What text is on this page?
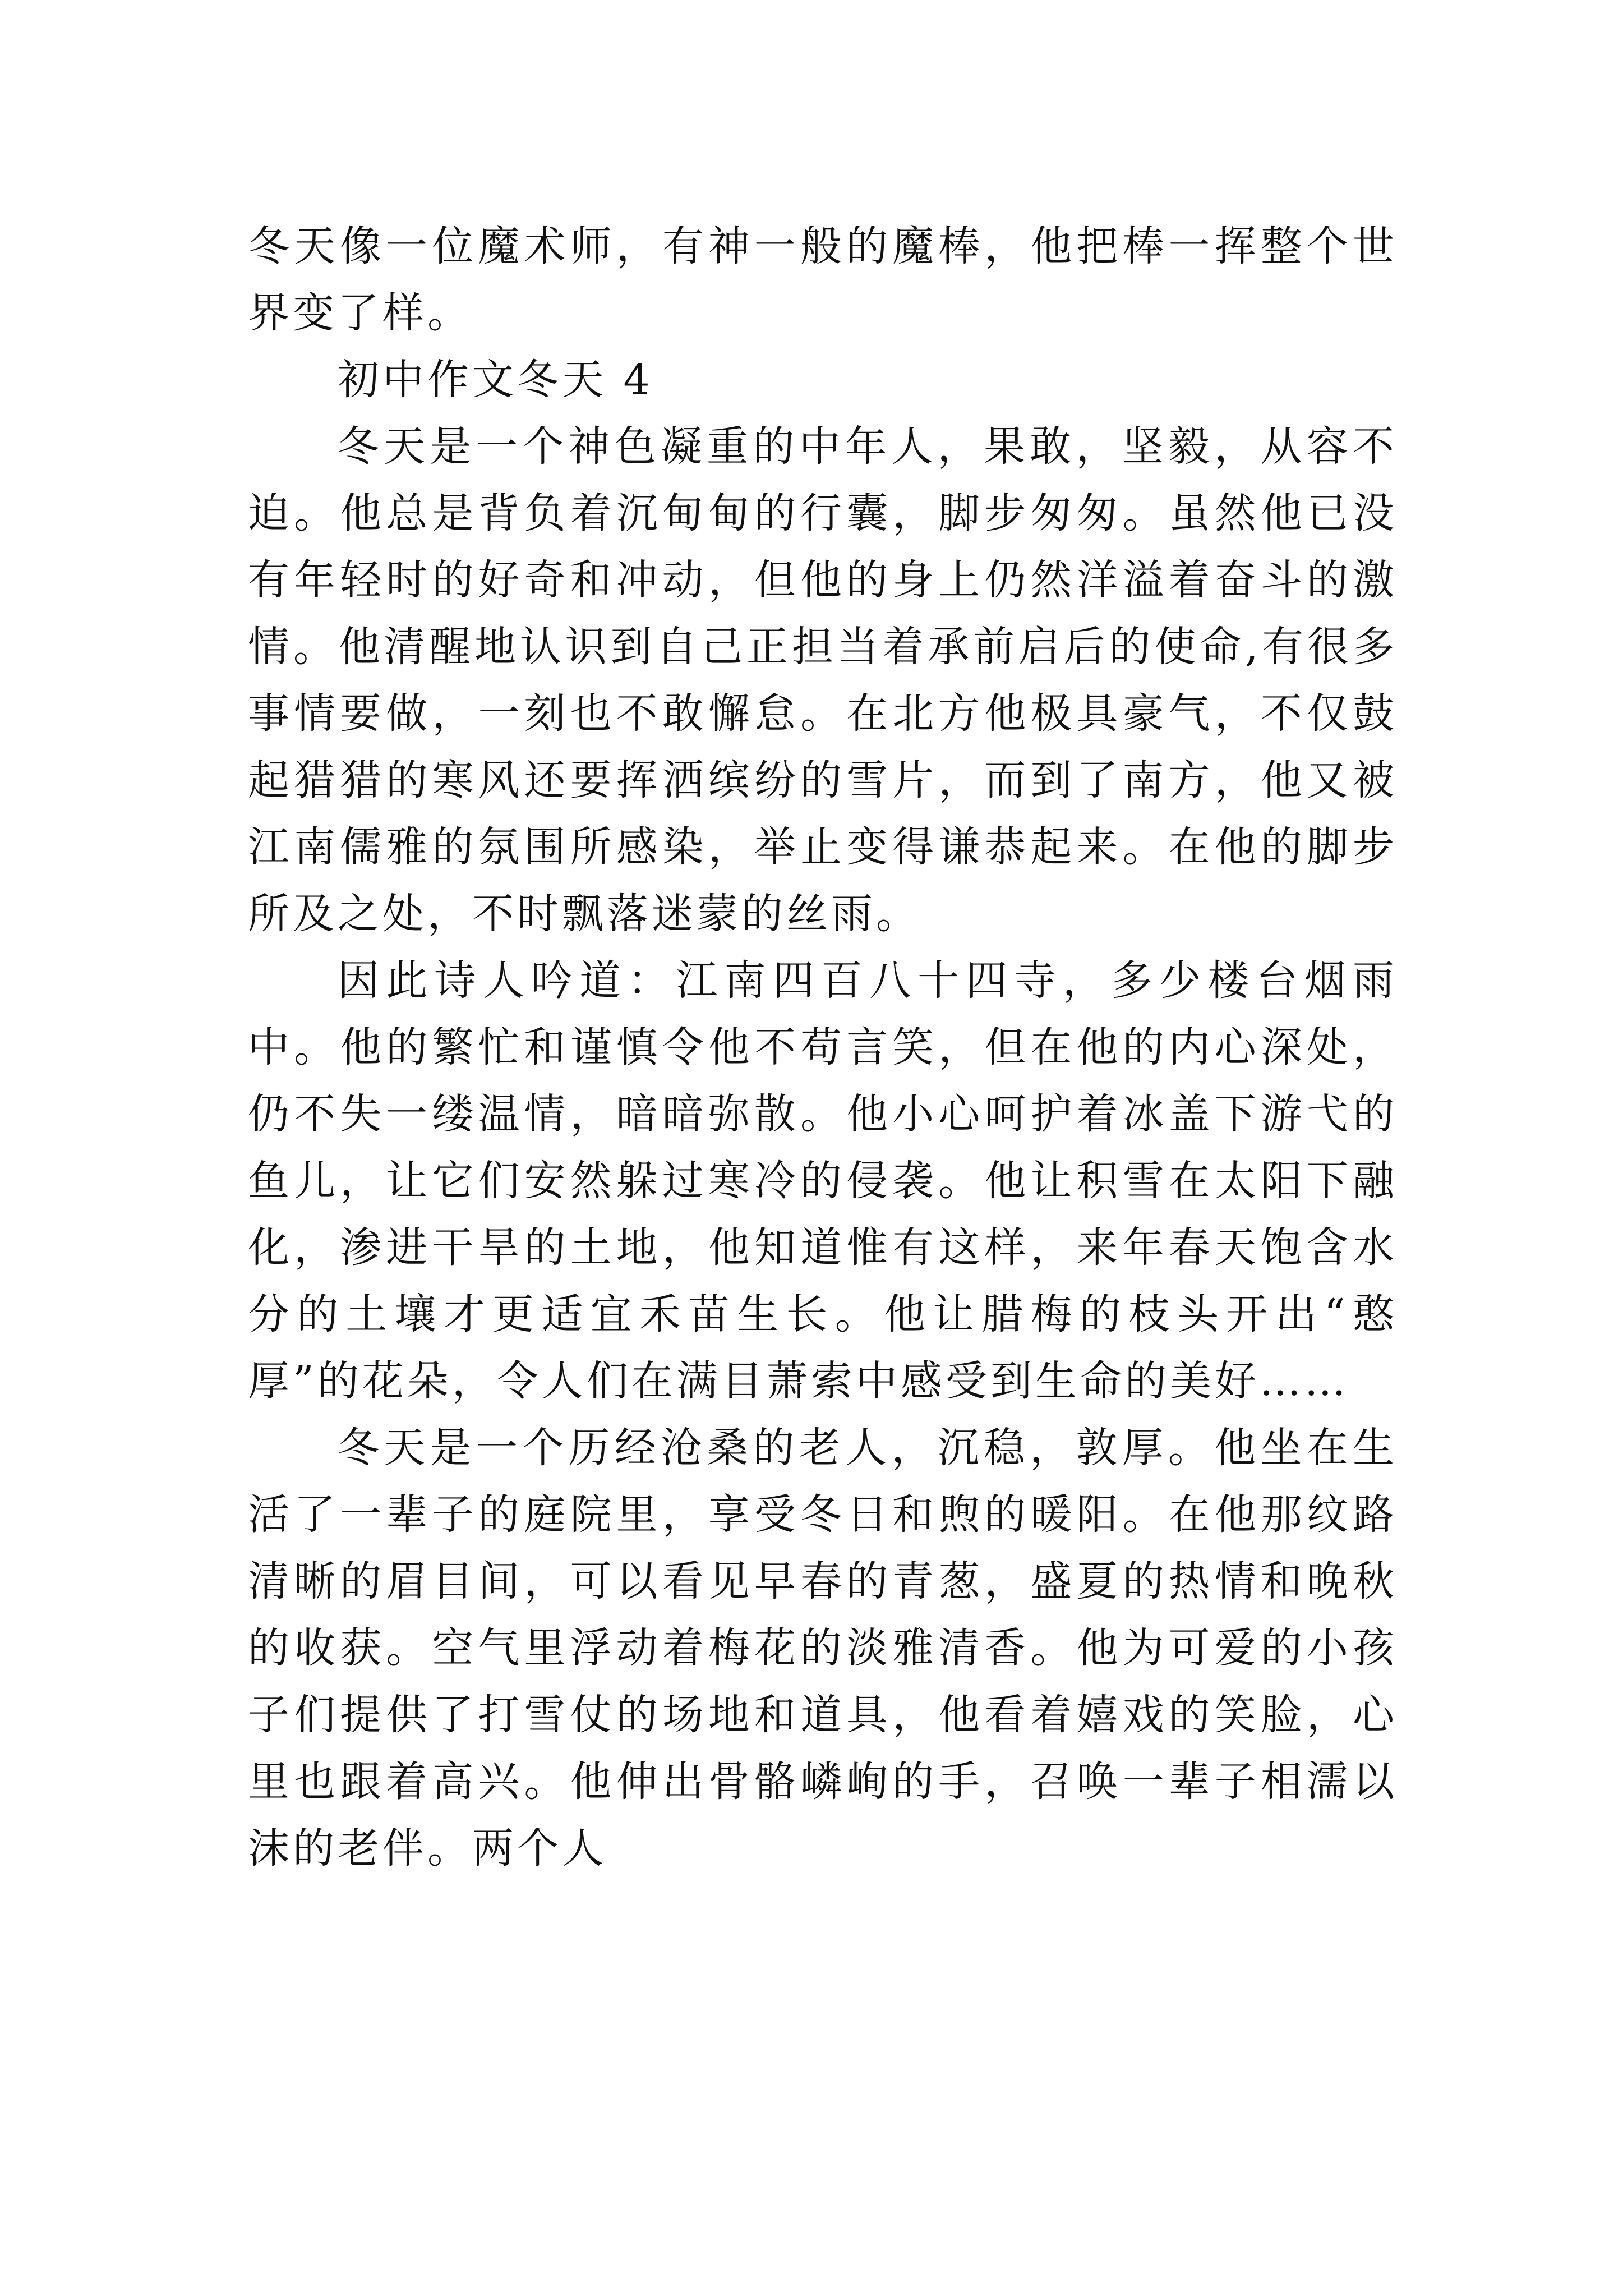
冬天像一位魔术师，有神一般的魔棒，他把棒一挥整个世界变了样。

初中作文冬天 4

冬天是一个神色凝重的中年人，果敢，坚毅，从容不迫。他总是背负着沉甸甸的行囊，脚步匆匆。虽然他已没有年轻时的好奇和冲动，但他的身上仍然洋溢着奋斗的激情。他清醒地认识到自己正担当着承前启后的使命,有很多事情要做，一刻也不敢懈怠。在北方他极具豪气，不仅鼓起猎猎的寒风还要挥洒缤纷的雪片，而到了南方，他又被江南儒雅的氛围所感染，举止变得谦恭起来。在他的脚步所及之处，不时飘落迷蒙的丝雨。

因此诗人吟道：江南四百八十四寺，多少楼台烟雨中。他的繁忙和谨慎令他不苟言笑，但在他的内心深处，仍不失一缕温情，暗暗弥散。他小心呵护着冰盖下游弋的鱼儿，让它们安然躲过寒冷的侵袭。他让积雪在太阳下融化，渗进干旱的土地，他知道惟有这样，来年春天饱含水分的土壤才更适宜禾苗生长。他让腊梅的枝头开出“憨厚”的花朵，令人们在满目萧索中感受到生命的美好……

冬天是一个历经沧桑的老人，沉稳，敦厚。他坐在生活了一辈子的庭院里，享受冬日和煦的暖阳。在他那纹路清晰的眉目间，可以看见早春的青葱，盛夏的热情和晚秋的收获。空气里浮动着梅花的淡雅清香。他为可爱的小孩子们提供了打雪仗的场地和道具，他看着嬉戏的笑脸，心里也跟着高兴。他伸出骨骼嶙峋的手，召唤一辈子相濡以沫的老伴。两个人
